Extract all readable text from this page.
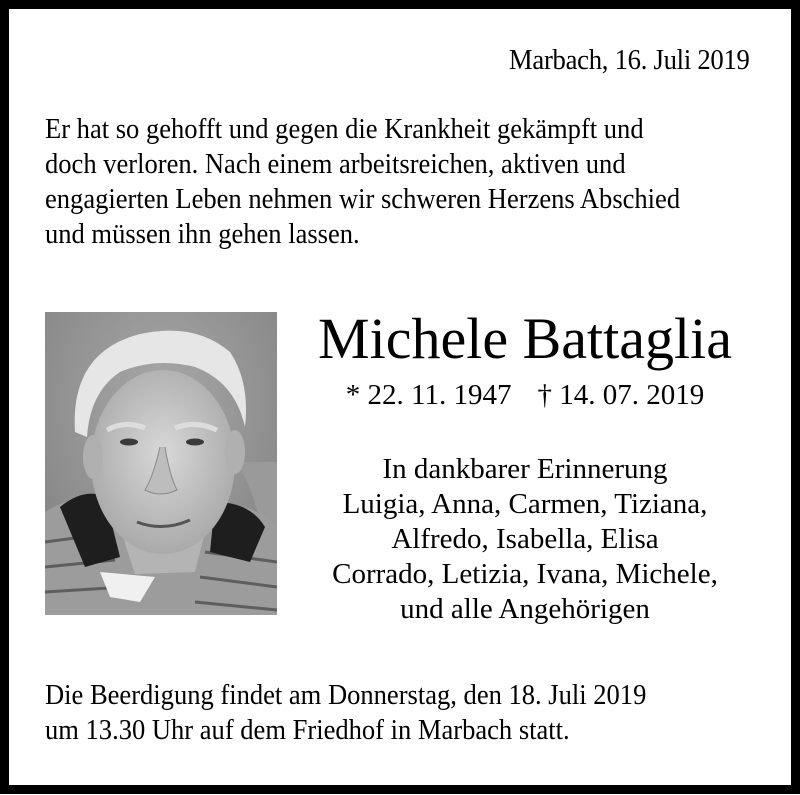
Marbach, 16. Juli 2019
Er hat so gehofft und gegen die Krankheit gekämpft und
doch verloren. Nach einem arbeitsreichen, aktiven und
engagierten Leben nehmen wir schweren Herzens Abschied
und müssen ihn gehen lassen.
Michele Battaglia
* 22. 11. 1947 † 14. 07. 2019
In dankbarer Erinnerung
Luigia, Anna, Carmen, Tiziana,
Alfredo, Isabella, Elisa
Corrado, Letizia, Ivana, Michele,
und alle Angehörigen
Die Beerdigung findet am Donnerstag, den 18. Juli 2019
um 13.30 Uhr auf dem Friedhof in Marbach statt.
